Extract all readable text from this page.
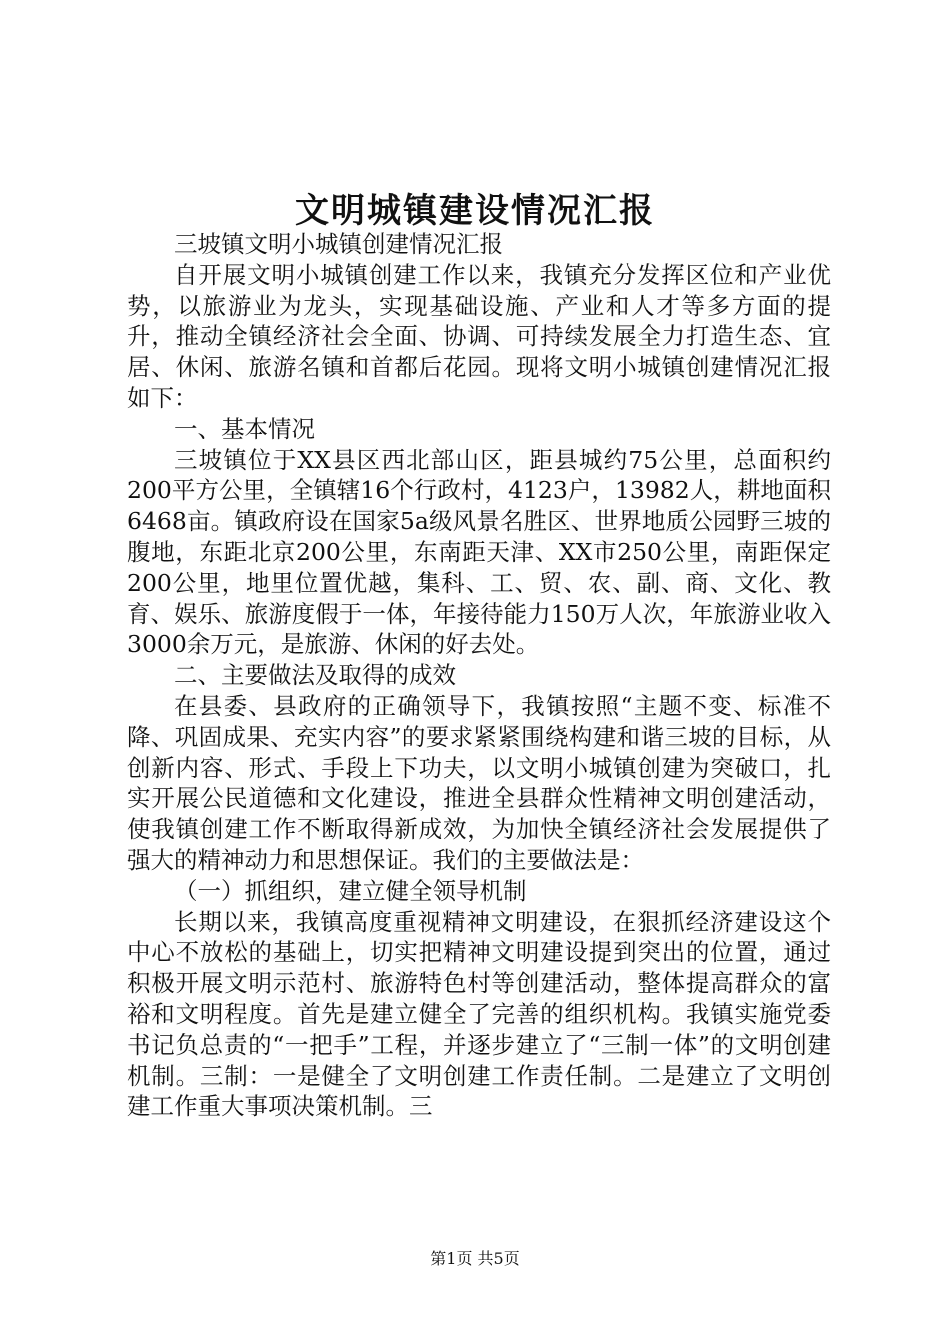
文明城镇建设情况汇报

三坡镇文明小城镇创建情况汇报

自开展文明小城镇创建工作以来，我镇充分发挥区位和产业优势，以旅游业为龙头，实现基础设施、产业和人才等多方面的提升，推动全镇经济社会全面、协调、可持续发展全力打造生态、宜居、休闲、旅游名镇和首都后花园。现将文明小城镇创建情况汇报如下：

一、基本情况

三坡镇位于XX县区西北部山区，距县城约75公里，总面积约200平方公里，全镇辖16个行政村，4123户，13982人，耕地面积6468亩。镇政府设在国家5a级风景名胜区、世界地质公园野三坡的腹地，东距北京200公里，东南距天津、XX市250公里，南距保定200公里，地里位置优越，集科、工、贸、农、副、商、文化、教育、娱乐、旅游度假于一体，年接待能力150万人次，年旅游业收入3000余万元，是旅游、休闲的好去处。

二、主要做法及取得的成效

在县委、县政府的正确领导下，我镇按照“主题不变、标准不降、巩固成果、充实内容”的要求紧紧围绕构建和谐三坡的目标，从创新内容、形式、手段上下功夫，以文明小城镇创建为突破口，扎实开展公民道德和文化建设，推进全县群众性精神文明创建活动，使我镇创建工作不断取得新成效，为加快全镇经济社会发展提供了强大的精神动力和思想保证。我们的主要做法是：

（一）抓组织，建立健全领导机制

长期以来，我镇高度重视精神文明建设，在狠抓经济建设这个中心不放松的基础上，切实把精神文明建设提到突出的位置，通过积极开展文明示范村、旅游特色村等创建活动，整体提高群众的富裕和文明程度。首先是建立健全了完善的组织机构。我镇实施党委书记负总责的“一把手”工程，并逐步建立了“三制一体”的文明创建机制。三制：一是健全了文明创建工作责任制。二是建立了文明创建工作重大事项决策机制。三

第1页 共5页
